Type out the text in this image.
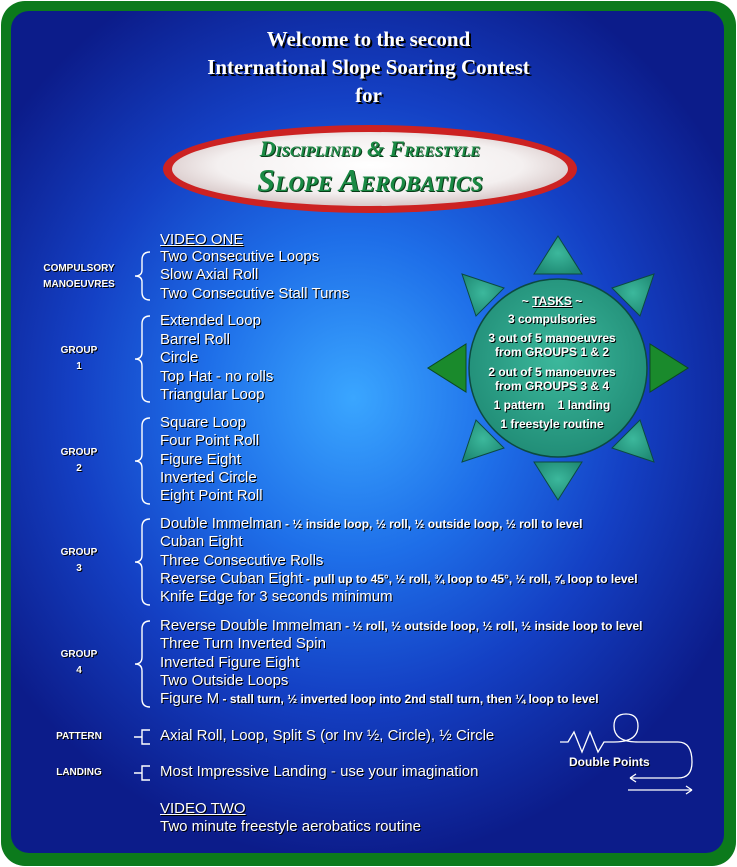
Welcome to the second
International Slope Soaring Contest
for
Disciplined & Freestyle
Slope Aerobatics
VIDEO ONE
COMPULSORY
MANOEUVRES
Two Consecutive Loops
Slow Axial Roll
Two Consecutive Stall Turns
GROUP
1
Extended Loop
Barrel Roll
Circle
Top Hat - no rolls
Triangular Loop
GROUP
2
Square Loop
Four Point Roll
Figure Eight
Inverted Circle
Eight Point Roll
GROUP
3
Double Immelman - ½ inside loop, ½ roll, ½ outside loop, ½ roll to level
Cuban Eight
Three Consecutive Rolls
Reverse Cuban Eight - pull up to 45°, ½ roll, ¾ loop to 45°, ½ roll, ⅝ loop to level
Knife Edge for 3 seconds minimum
GROUP
4
Reverse Double Immelman - ½ roll, ½ outside loop, ½ roll, ½ inside loop to level
Three Turn Inverted Spin
Inverted Figure Eight
Two Outside Loops
Figure M - stall turn, ½ inverted loop into 2nd stall turn, then ¼ loop to level
PATTERN	Axial Roll, Loop, Split S (or Inv ½, Circle), ½ Circle
LANDING	Most Impressive Landing - use your imagination
Double Points
VIDEO TWO
Two minute freestyle aerobatics routine
~ TASKS ~
3 compulsories
3 out of 5 manoeuvres
from GROUPS 1 & 2
2 out of 5 manoeuvres
from GROUPS 3 & 4
1 pattern    1 landing
1 freestyle routine
